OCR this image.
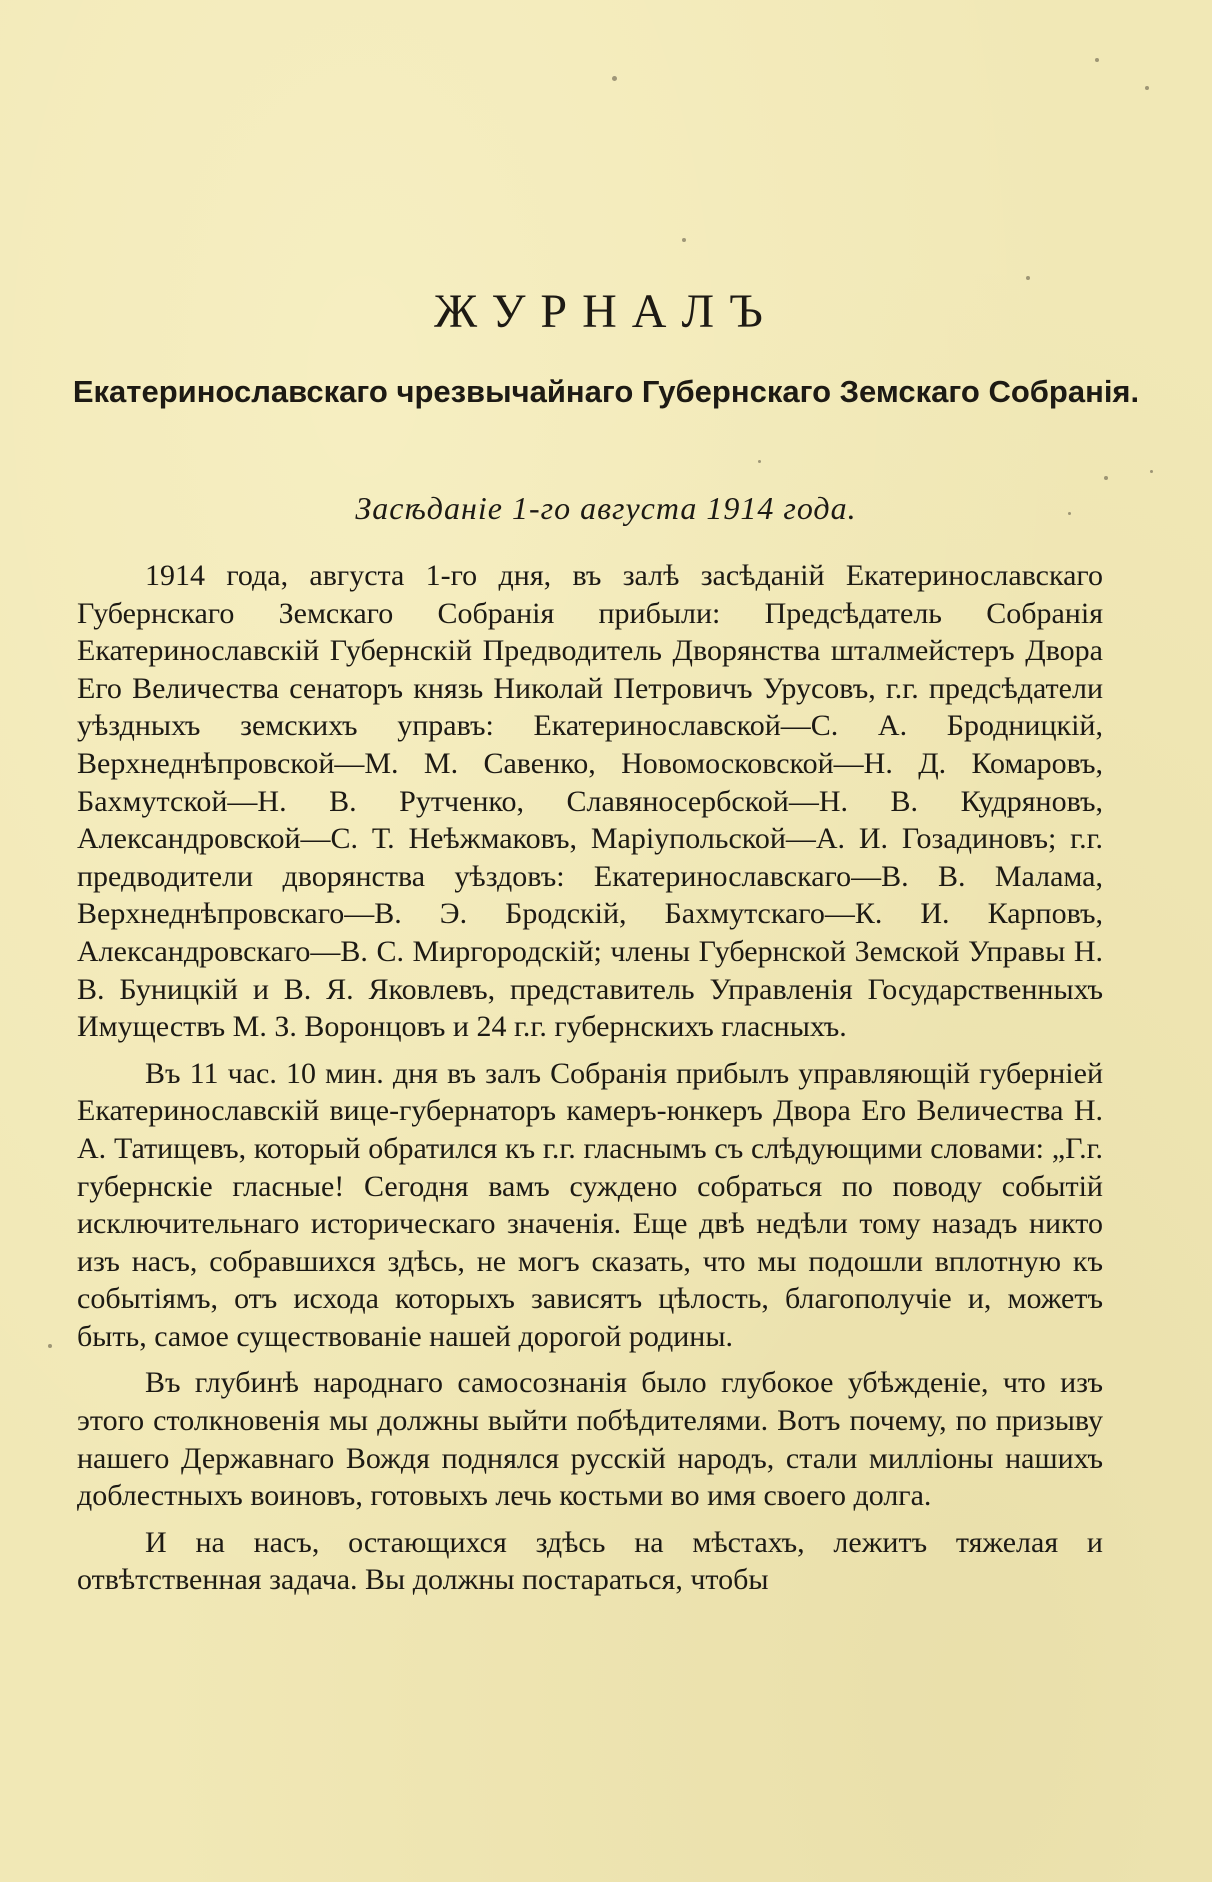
ЖУРНАЛЪ
Екатеринославскаго чрезвычайнаго Губернскаго Земскаго Собранія.
Засѣданіе 1-го августа 1914 года.

1914 года, августа 1-го дня, въ залѣ засѣданій Екатеринославскаго Губернскаго Земскаго Собранія прибыли: Предсѣдатель Собранія Екатеринославскій Губернскій Предводитель Дворянства шталмейстеръ Двора Его Величества сенаторъ князь Николай Петровичъ Урусовъ, г.г. предсѣдатели уѣздныхъ земскихъ управъ: Екатеринославской—С. А. Бродницкій, Верхнеднѣпровской—М. М. Савенко, Новомосковской—Н. Д. Комаровъ, Бахмутской—Н. В. Рутченко, Славяносербской—Н. В. Кудряновъ, Александровской—С. Т. Неѣжмаковъ, Маріупольской—А. И. Гозадиновъ; г.г. предводители дворянства уѣздовъ: Екатеринославскаго—В. В. Малама, Верхнеднѣпровскаго—В. Э. Бродскій, Бахмутскаго—К. И. Карповъ, Александровскаго—В. С. Миргородскій; члены Губернской Земской Управы Н. В. Буницкій и В. Я. Яковлевъ, представитель Управленія Государственныхъ Имуществъ М. З. Воронцовъ и 24 г.г. губернскихъ гласныхъ.

Въ 11 час. 10 мин. дня въ залъ Собранія прибылъ управляющій губерніей Екатеринославскій вице-губернаторъ камеръ-юнкеръ Двора Его Величества Н. А. Татищевъ, который обратился къ г.г. гласнымъ съ слѣдующими словами: „Г.г. губернскіе гласные! Сегодня вамъ суждено собраться по поводу событій исключительнаго историческаго значенія. Еще двѣ недѣли тому назадъ никто изъ насъ, собравшихся здѣсь, не могъ сказать, что мы подошли вплотную къ событіямъ, отъ исхода которыхъ зависятъ цѣлость, благополучіе и, можетъ быть, самое существованіе нашей дорогой родины.

Въ глубинѣ народнаго самосознанія было глубокое убѣжденіе, что изъ этого столкновенія мы должны выйти побѣдителями. Вотъ почему, по призыву нашего Державнаго Вождя поднялся русскій народъ, стали милліоны нашихъ доблестныхъ воиновъ, готовыхъ лечь костьми во имя своего долга.

И на насъ, остающихся здѣсь на мѣстахъ, лежитъ тяжелая и отвѣтственная задача. Вы должны постараться, чтобы
